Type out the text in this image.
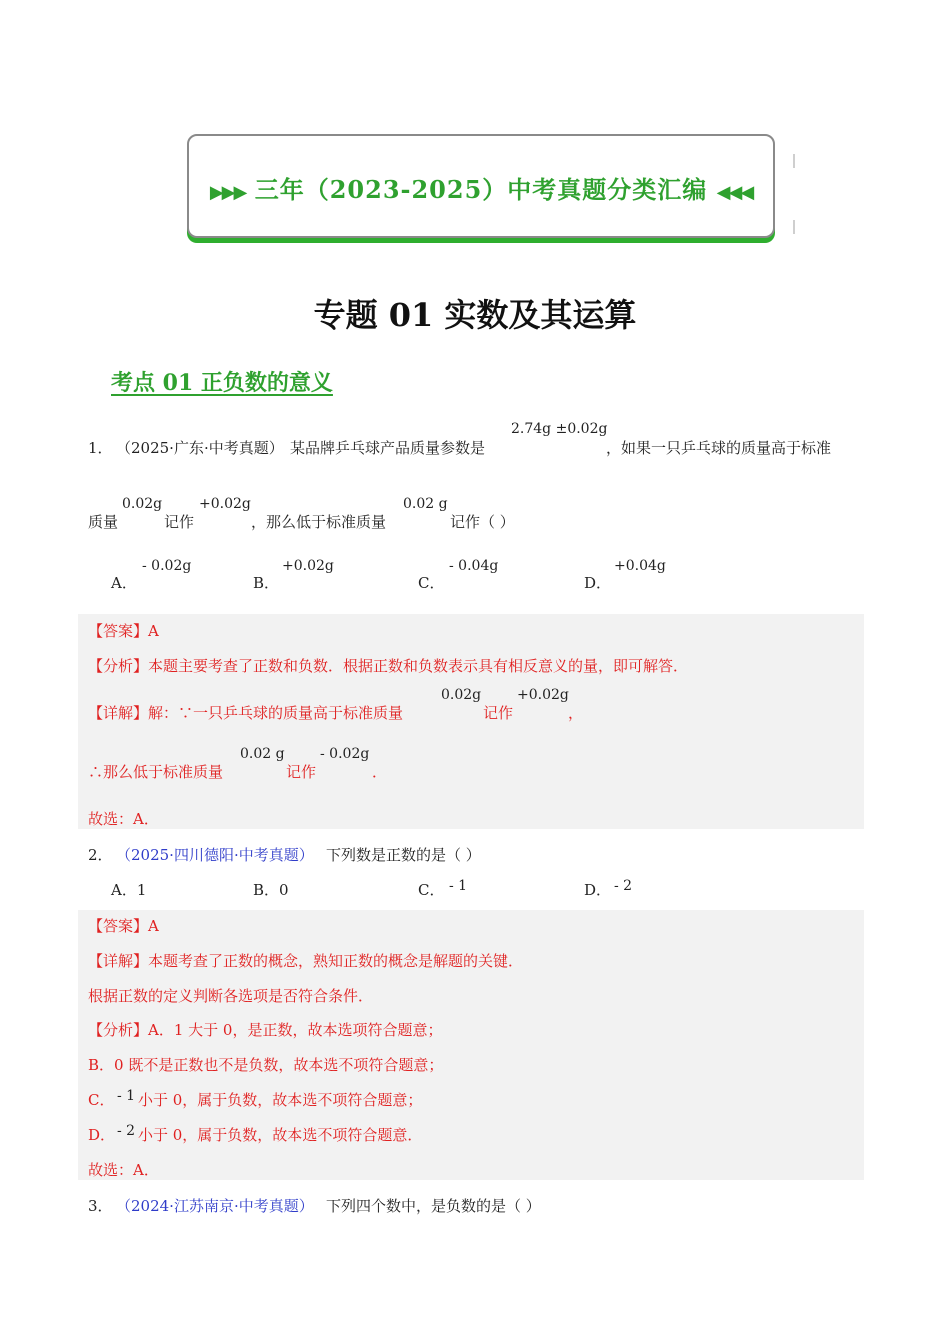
▶▶▶ 三年（2023-2025）中考真题分类汇编 ◀◀◀
专题 01 实数及其运算
考点 01 正负数的意义
1． （2025·广东·中考真题） 某品牌乒乓球产品质量参数是
2.74g ±0.02g
，如果一只乒乓球的质量高于标准
质量
0.02g
记作
+0.02g
，那么低于标准质量
0.02 g
记作（ ）
A．
- 0.02g
B．
+0.02g
C．
- 0.04g
D．
+0.04g
【答案】A
【分析】本题主要考查了正数和负数．根据正数和负数表示具有相反意义的量，即可解答．
【详解】解：∵一只乒乓球的质量高于标准质量
0.02g
记作
+0.02g
，
∴那么低于标准质量
0.02 g
记作
- 0.02g
．
故选：A．
2． （2025·四川德阳·中考真题） 下列数是正数的是（ ）
A．1	B．0	C． - 1	D． - 2
【答案】A
【详解】本题考查了正数的概念，熟知正数的概念是解题的关键．
根据正数的定义判断各选项是否符合条件．
【分析】A．1 大于 0，是正数，故本选项符合题意；
B．0 既不是正数也不是负数，故本选不项符合题意；
C． - 1 小于 0，属于负数，故本选不项符合题意；
D． - 2 小于 0，属于负数，故本选不项符合题意．
故选：A．
3． （2024·江苏南京·中考真题） 下列四个数中，是负数的是（ ）
